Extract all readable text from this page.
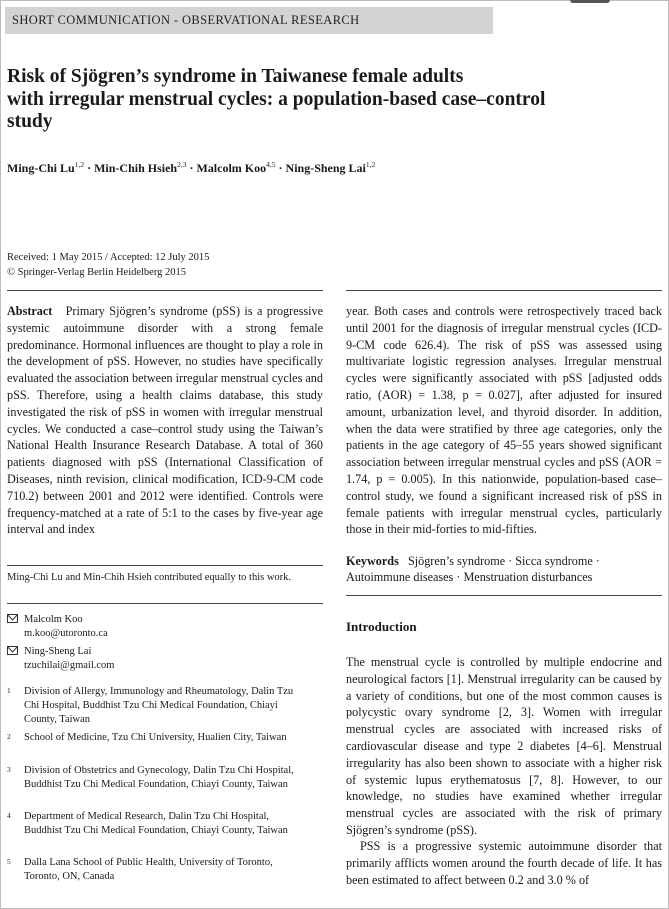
SHORT COMMUNICATION - OBSERVATIONAL RESEARCH
Risk of Sjögren’s syndrome in Taiwanese female adults
with irregular menstrual cycles: a population-based case–control
study
Ming-Chi Lu$^{1,2}$ · Min-Chih Hsieh$^{2,3}$ · Malcolm Koo$^{4,5}$ · Ning-Sheng Lai$^{1,2}$
Received: 1 May 2015 / Accepted: 12 July 2015
© Springer-Verlag Berlin Heidelberg 2015
Abstract Primary Sjögren’s syndrome (pSS) is a progressive systemic autoimmune disorder with a strong female predominance. Hormonal influences are thought to play a role in the development of pSS. However, no studies have specifically evaluated the association between irregular menstrual cycles and pSS. Therefore, using a health claims database, this study investigated the risk of pSS in women with irregular menstrual cycles. We conducted a case–control study using the Taiwan’s National Health Insurance Research Database. A total of 360 patients diagnosed with pSS (International Classification of Diseases, ninth revision, clinical modification, ICD-9-CM code 710.2) between 2001 and 2012 were identified. Controls were frequency-matched at a rate of 5:1 to the cases by five-year age interval and index
year. Both cases and controls were retrospectively traced back until 2001 for the diagnosis of irregular menstrual cycles (ICD-9-CM code 626.4). The risk of pSS was assessed using multivariate logistic regression analyses. Irregular menstrual cycles were significantly associated with pSS [adjusted odds ratio, (AOR) = 1.38, p = 0.027], after adjusted for insured amount, urbanization level, and thyroid disorder. In addition, when the data were stratified by three age categories, only the patients in the age category of 45–55 years showed significant association between irregular menstrual cycles and pSS (AOR = 1.74, p = 0.005). In this nationwide, population-based case–control study, we found a significant increased risk of pSS in female patients with irregular menstrual cycles, particularly those in their mid-forties to mid-fifties.
Keywords Sjögren’s syndrome · Sicca syndrome · Autoimmune diseases · Menstruation disturbances
Ming-Chi Lu and Min-Chih Hsieh contributed equally to this work.
Malcolm Koo
m.koo@utoronto.ca
Ning-Sheng Lai
tzuchilai@gmail.com
1 Division of Allergy, Immunology and Rheumatology, Dalin Tzu Chi Hospital, Buddhist Tzu Chi Medical Foundation, Chiayi County, Taiwan
2 School of Medicine, Tzu Chi University, Hualien City, Taiwan
3 Division of Obstetrics and Gynecology, Dalin Tzu Chi Hospital, Buddhist Tzu Chi Medical Foundation, Chiayi County, Taiwan
4 Department of Medical Research, Dalin Tzu Chi Hospital, Buddhist Tzu Chi Medical Foundation, Chiayi County, Taiwan
5 Dalla Lana School of Public Health, University of Toronto, Toronto, ON, Canada
Introduction
The menstrual cycle is controlled by multiple endocrine and neurological factors [1]. Menstrual irregularity can be caused by a variety of conditions, but one of the most common causes is polycystic ovary syndrome [2, 3]. Women with irregular menstrual cycles are associated with increased risks of cardiovascular disease and type 2 diabetes [4–6]. Menstrual irregularity has also been shown to associate with a higher risk of systemic lupus erythematosus [7, 8]. However, to our knowledge, no studies have examined whether irregular menstrual cycles are associated with the risk of primary Sjögren’s syndrome (pSS).
PSS is a progressive systemic autoimmune disorder that primarily afflicts women around the fourth decade of life. It has been estimated to affect between 0.2 and 3.0 % of
